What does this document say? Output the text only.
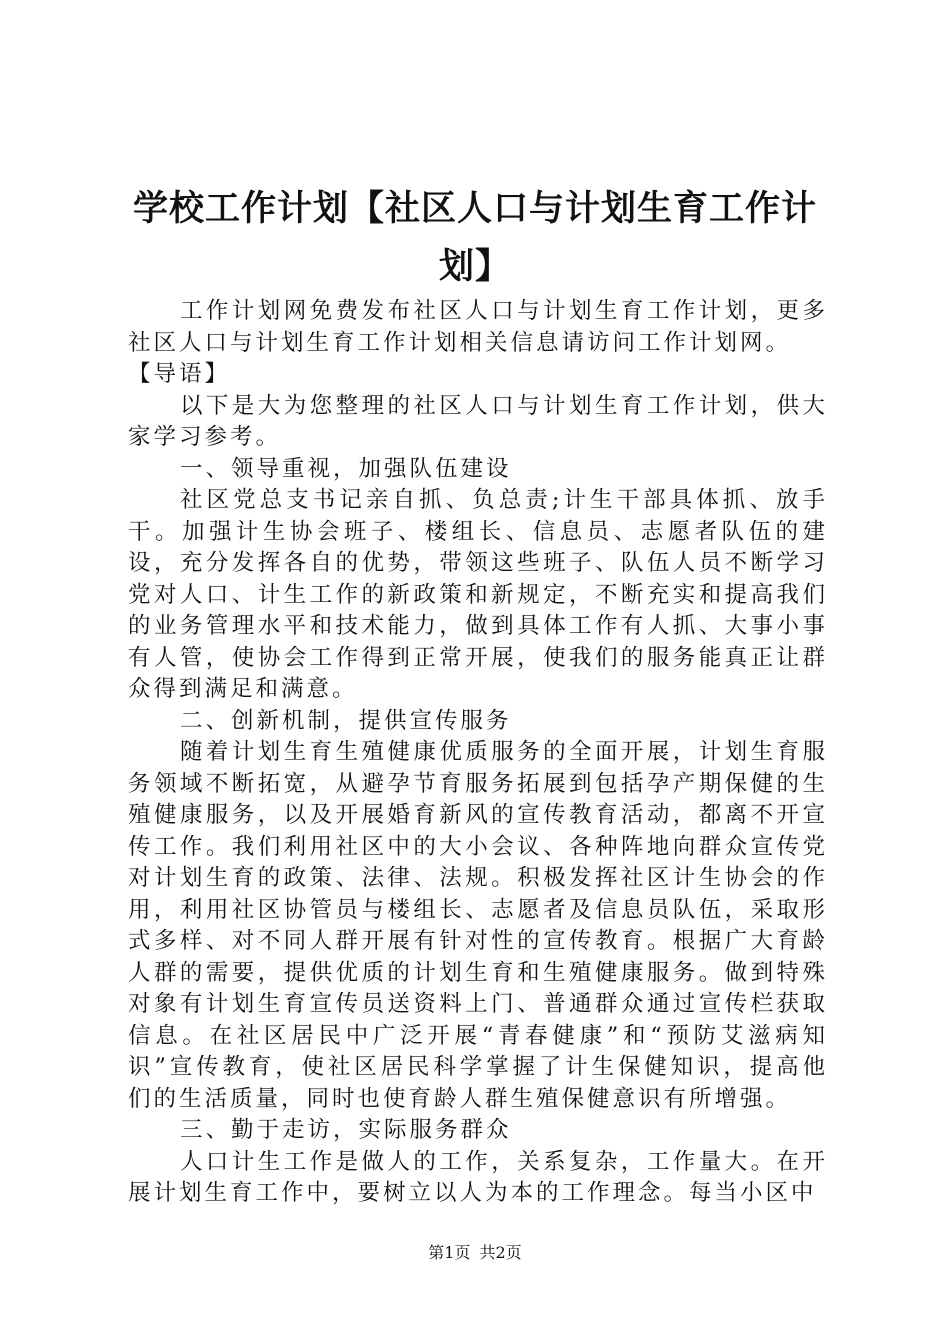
学校工作计划【社区人口与计划生育工作计划】

工作计划网免费发布社区人口与计划生育工作计划，更多社区人口与计划生育工作计划相关信息请访问工作计划网。

【导语】

以下是大为您整理的社区人口与计划生育工作计划，供大家学习参考。

一、领导重视，加强队伍建设

社区党总支书记亲自抓、负总责;计生干部具体抓、放手干。加强计生协会班子、楼组长、信息员、志愿者队伍的建设，充分发挥各自的优势，带领这些班子、队伍人员不断学习党对人口、计生工作的新政策和新规定，不断充实和提高我们的业务管理水平和技术能力，做到具体工作有人抓、大事小事有人管，使协会工作得到正常开展，使我们的服务能真正让群众得到满足和满意。

二、创新机制，提供宣传服务

随着计划生育生殖健康优质服务的全面开展，计划生育服务领域不断拓宽，从避孕节育服务拓展到包括孕产期保健的生殖健康服务，以及开展婚育新风的宣传教育活动，都离不开宣传工作。我们利用社区中的大小会议、各种阵地向群众宣传党对计划生育的政策、法律、法规。积极发挥社区计生协会的作用，利用社区协管员与楼组长、志愿者及信息员队伍，采取形式多样、对不同人群开展有针对性的宣传教育。根据广大育龄人群的需要，提供优质的计划生育和生殖健康服务。做到特殊对象有计划生育宣传员送资料上门、普通群众通过宣传栏获取信息。在社区居民中广泛开展“青春健康”和“预防艾滋病知识”宣传教育，使社区居民科学掌握了计生保健知识，提高他们的生活质量，同时也使育龄人群生殖保健意识有所增强。

三、勤于走访，实际服务群众

人口计生工作是做人的工作，关系复杂，工作量大。在开展计划生育工作中，要树立以人为本的工作理念。每当小区中

第1页 共2页
